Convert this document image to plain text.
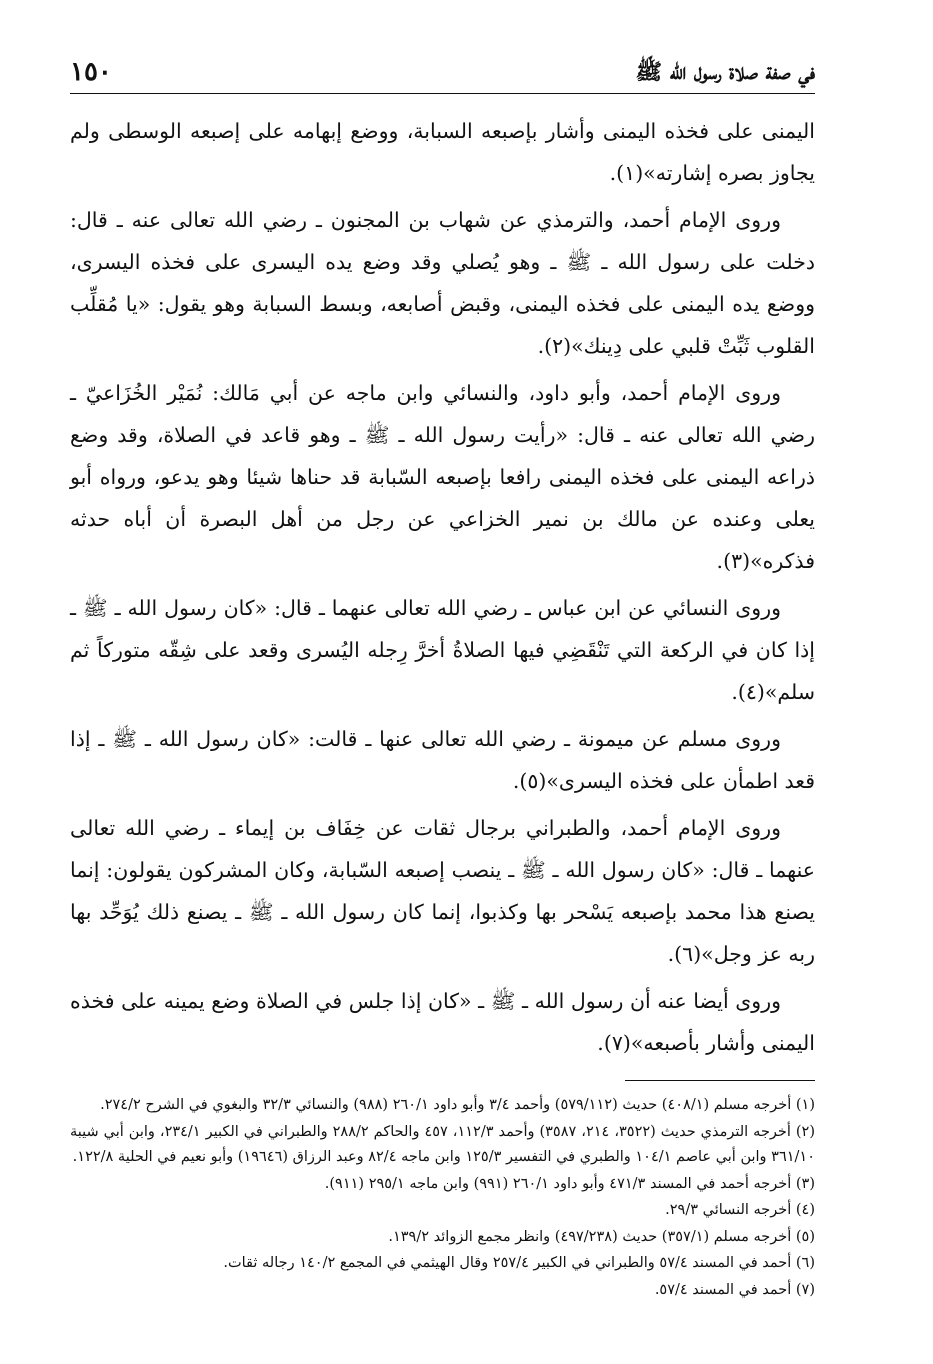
في صفة صلاة رسول الله ﷺ
١٥٠

اليمنى على فخذه اليمنى وأشار بإصبعه السبابة، ووضع إبهامه على إصبعه الوسطى ولم يجاوز بصره إشارته»(١).

وروى الإمام أحمد، والترمذي عن شهاب بن المجنون ـ رضي الله تعالى عنه ـ قال: دخلت على رسول الله ـ ﷺ ـ وهو يُصلي وقد وضع يده اليسرى على فخذه اليسرى، ووضع يده اليمنى على فخذه اليمنى، وقبض أصابعه، وبسط السبابة وهو يقول: «يا مُقلِّب القلوب ثَبِّتْ قلبي على دِينك»(٢).

وروى الإمام أحمد، وأبو داود، والنسائي وابن ماجه عن أبي مَالك: نُمَيْر الخُزَاعيّ ـ رضي الله تعالى عنه ـ قال: «رأيت رسول الله ـ ﷺ ـ وهو قاعد في الصلاة، وقد وضع ذراعه اليمنى على فخذه اليمنى رافعا بإصبعه السّبابة قد حناها شيئا وهو يدعو، ورواه أبو يعلى وعنده عن مالك بن نمير الخزاعي عن رجل من أهل البصرة أن أباه حدثه فذكره»(٣).

وروى النسائي عن ابن عباس ـ رضي الله تعالى عنهما ـ قال: «كان رسول الله ـ ﷺ ـ إذا كان في الركعة التي تَنْقَضِي فيها الصلاةُ أخرَّ رِجله اليُسرى وقعد على شِقّه متوركاً ثم سلم»(٤).

وروى مسلم عن ميمونة ـ رضي الله تعالى عنها ـ قالت: «كان رسول الله ـ ﷺ ـ إذا قعد اطمأن على فخذه اليسرى»(٥).

وروى الإمام أحمد، والطبراني برجال ثقات عن خِفَاف بن إيماء ـ رضي الله تعالى عنهما ـ قال: «كان رسول الله ـ ﷺ ـ ينصب إصبعه السّبابة، وكان المشركون يقولون: إنما يصنع هذا محمد بإصبعه يَسْحر بها وكذبوا، إنما كان رسول الله ـ ﷺ ـ يصنع ذلك يُوَحِّد بها ربه عز وجل»(٦).

وروى أيضا عنه أن رسول الله ـ ﷺ ـ «كان إذا جلس في الصلاة وضع يمينه على فخذه اليمنى وأشار بأصبعه»(٧).

(١) أخرجه مسلم (٤٠٨/١) حديث (٥٧٩/١١٢) وأحمد ٣/٤ وأبو داود ٢٦٠/١ (٩٨٨) والنسائي ٣٢/٣ والبغوي في الشرح ٢٧٤/٢.
(٢) أخرجه الترمذي حديث (٣٥٢٢، ٢١٤، ٣٥٨٧) وأحمد ١١٢/٣، ٤٥٧ والحاكم ٢٨٨/٢ والطبراني في الكبير ٢٣٤/١، وابن أبي شيبة ٣٦١/١٠ وابن أبي عاصم ١٠٤/١ والطبري في التفسير ١٢٥/٣ وابن ماجه ٨٢/٤ وعبد الرزاق (١٩٦٤٦) وأبو نعيم في الحلية ١٢٢/٨.
(٣) أخرجه أحمد في المسند ٤٧١/٣ وأبو داود ٢٦٠/١ (٩٩١) وابن ماجه ٢٩٥/١ (٩١١).
(٤) أخرجه النسائي ٢٩/٣.
(٥) أخرجه مسلم (٣٥٧/١) حديث (٤٩٧/٢٣٨) وانظر مجمع الزوائد ١٣٩/٢.
(٦) أحمد في المسند ٥٧/٤ والطبراني في الكبير ٢٥٧/٤ وقال الهيثمي في المجمع ١٤٠/٢ رجاله ثقات.
(٧) أحمد في المسند ٥٧/٤.
